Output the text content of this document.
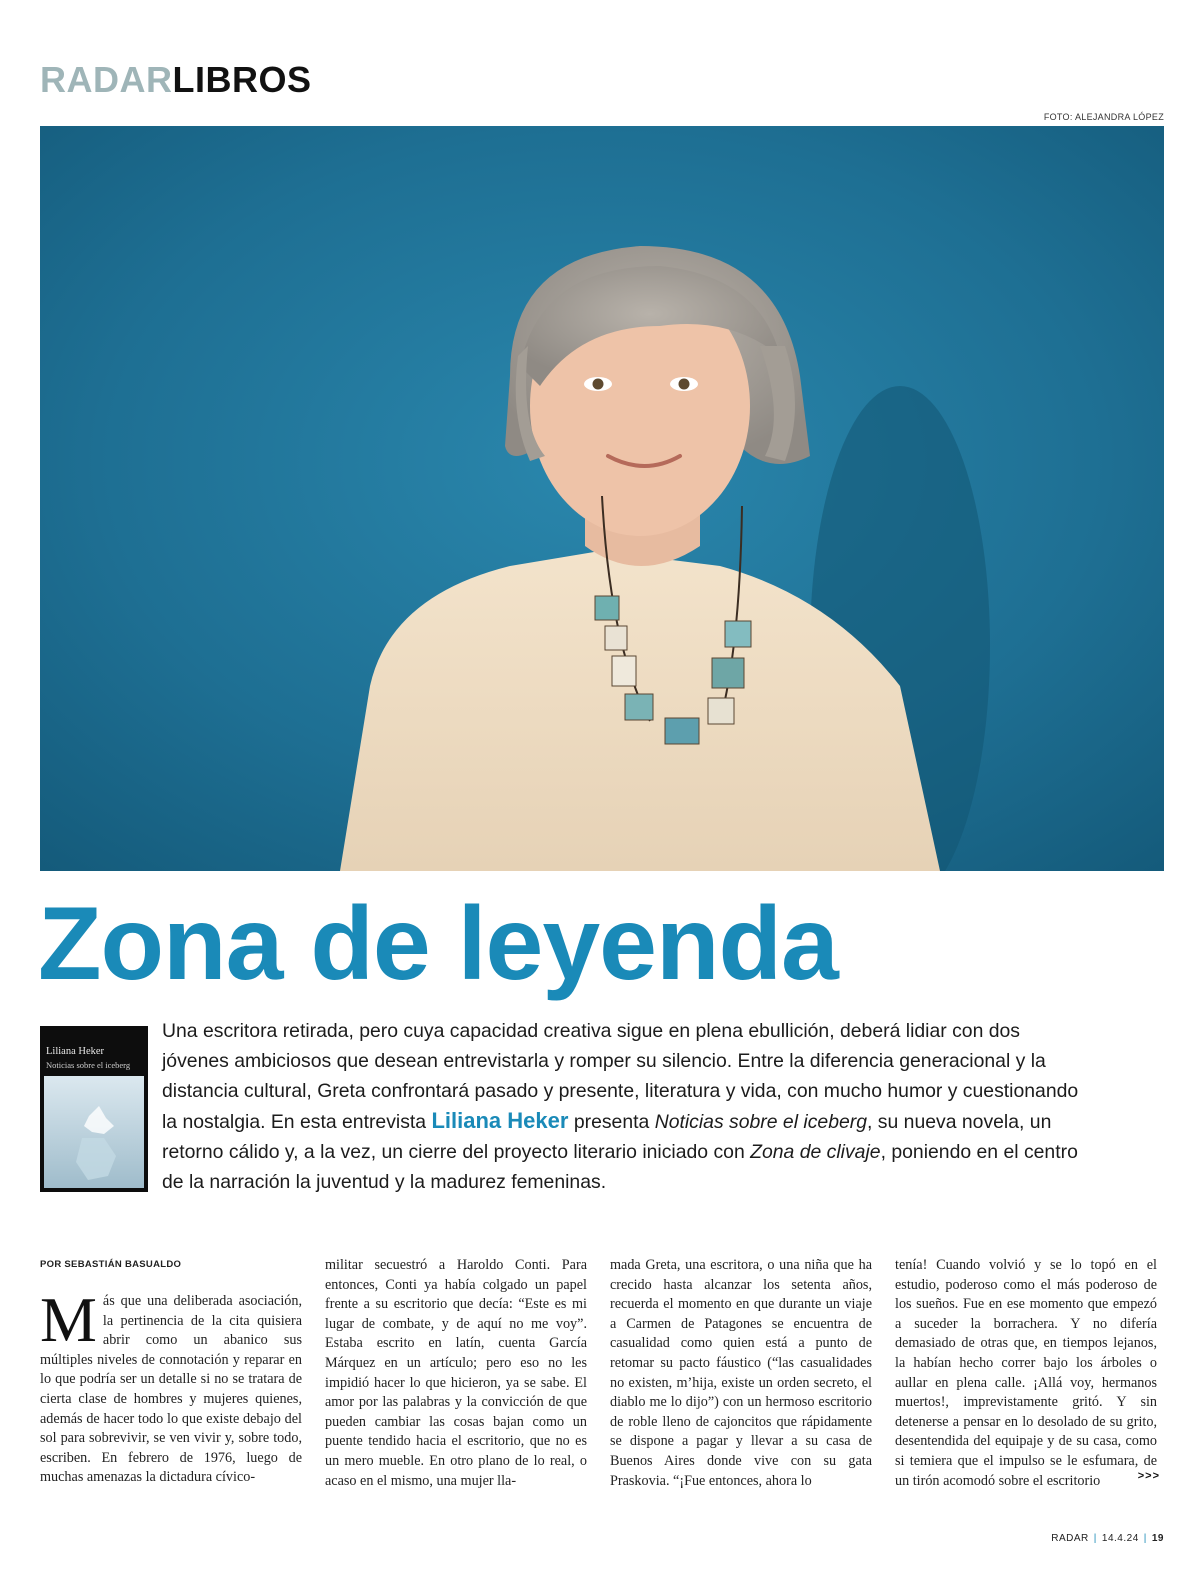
RADARLIBROS
FOTO: ALEJANDRA LÓPEZ
Zona de leyenda
Liliana Heker
Noticias sobre el iceberg
Una escritora retirada, pero cuya capacidad creativa sigue en plena ebullición, deberá lidiar con dos jóvenes ambiciosos que desean entrevistarla y romper su silencio. Entre la diferencia generacional y la distancia cultural, Greta confrontará pasado y presente, literatura y vida, con mucho humor y cuestionando la nostalgia. En esta entrevista Liliana Heker presenta Noticias sobre el iceberg, su nueva novela, un retorno cálido y, a la vez, un cierre del proyecto literario iniciado con Zona de clivaje, poniendo en el centro de la narración la juventud y la madurez femeninas.
POR SEBASTIÁN BASUALDO
Más que una deliberada asociación, la pertinencia de la cita quisiera abrir como un abanico sus múltiples niveles de connotación y reparar en lo que podría ser un detalle si no se tratara de cierta clase de hombres y mujeres quienes, además de hacer todo lo que existe debajo del sol para sobrevivir, se ven vivir y, sobre todo, escriben. En febrero de 1976, luego de muchas amenazas la dictadura cívico-
militar secuestró a Haroldo Conti. Para entonces, Conti ya había colgado un papel frente a su escritorio que decía: “Este es mi lugar de combate, y de aquí no me voy”. Estaba escrito en latín, cuenta García Márquez en un artículo; pero eso no les impidió hacer lo que hicieron, ya se sabe. El amor por las palabras y la convicción de que pueden cambiar las cosas bajan como un puente tendido hacia el escritorio, que no es un mero mueble. En otro plano de lo real, o acaso en el mismo, una mujer lla-
mada Greta, una escritora, o una niña que ha crecido hasta alcanzar los setenta años, recuerda el momento en que durante un viaje a Carmen de Patagones se encuentra de casualidad como quien está a punto de retomar su pacto fáustico (“las casualidades no existen, m’hija, existe un orden secreto, el diablo me lo dijo”) con un hermoso escritorio de roble lleno de cajoncitos que rápidamente se dispone a pagar y llevar a su casa de Buenos Aires donde vive con su gata Praskovia. “¡Fue entonces, ahora lo
tenía! Cuando volvió y se lo topó en el estudio, poderoso como el más poderoso de los sueños. Fue en ese momento que empezó a suceder la borrachera. Y no difería demasiado de otras que, en tiempos lejanos, la habían hecho correr bajo los árboles o aullar en plena calle. ¡Allá voy, hermanos muertos!, imprevistamente gritó. Y sin detenerse a pensar en lo desolado de su grito, desentendida del equipaje y de su casa, como si temiera que el impulso se le esfumara, de un tirón acomodó sobre el escritorio	>>>
RADAR | 14.4.24 | 19
